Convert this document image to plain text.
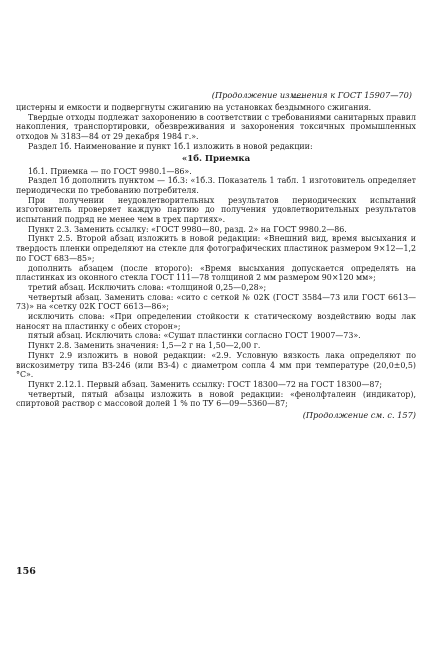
(Продолжение изменения к ГОСТ 15907—70)

цистерны и емкости и подвергнуты сжиганию на установках бездымного сжигания.

Твердые отходы подлежат захоронению в соответствии с требованиями санитарных правил накопления, транспортировки, обезвреживания и захоронения токсичных промышленных отходов № 3183—84 от 29 декабря 1984 г.».

Раздел 1б. Наименование и пункт 1б.1 изложить в новой редакции:

«1б. Приемка

1б.1. Приемка — по ГОСТ 9980.1—86».

Раздел 1б дополнить пунктом — 1б.3: «1б.3. Показатель 1 табл. 1 изготовитель определяет периодически по требованию потребителя.

При получении неудовлетворительных результатов периодических испытаний изготовитель проверяет каждую партию до получения удовлетворительных результатов испытаний подряд не менее чем в трех партиях».

Пункт 2.3. Заменить ссылку: «ГОСТ 9980—80, разд. 2» на ГОСТ 9980.2—86.

Пункт 2.5. Второй абзац изложить в новой редакции: «Внешний вид, время высыхания и твердость пленки определяют на стекле для фотографических пластинок размером 9×12—1,2 по ГОСТ 683—85»;

дополнить абзацем (после второго): «Время высыхания допускается определять на пластинках из оконного стекла ГОСТ 111—78 толщиной 2 мм размером 90×120 мм»;

третий абзац. Исключить слова: «толщиной 0,25—0,28»;

четвертый абзац. Заменить слова: «сито с сеткой № 02К (ГОСТ 3584—73 или ГОСТ 6613—73)» на «сетку 02К ГОСТ 6613—86»;

исключить слова: «При определении стойкости к статическому воздействию воды лак наносят на пластинку с обеих сторон»;

пятый абзац. Исключить слова: «Сушат пластинки согласно ГОСТ 19007—73».

Пункт 2.8. Заменить значения: 1,5—2 г на 1,50—2,00 г.

Пункт 2.9 изложить в новой редакции: «2.9. Условную вязкость лака определяют по вискозиметру типа ВЗ-246 (или ВЗ-4) с диаметром сопла 4 мм при температуре (20,0±0,5) °С».

Пункт 2.12.1. Первый абзац. Заменить ссылку: ГОСТ 18300—72 на ГОСТ 18300—87;

четвертый, пятый абзацы изложить в новой редакции: «фенолфталеин (индикатор), спиртовой раствор с массовой долей 1 % по ТУ 6—09—5360—87;

(Продолжение см. с. 157)
156
